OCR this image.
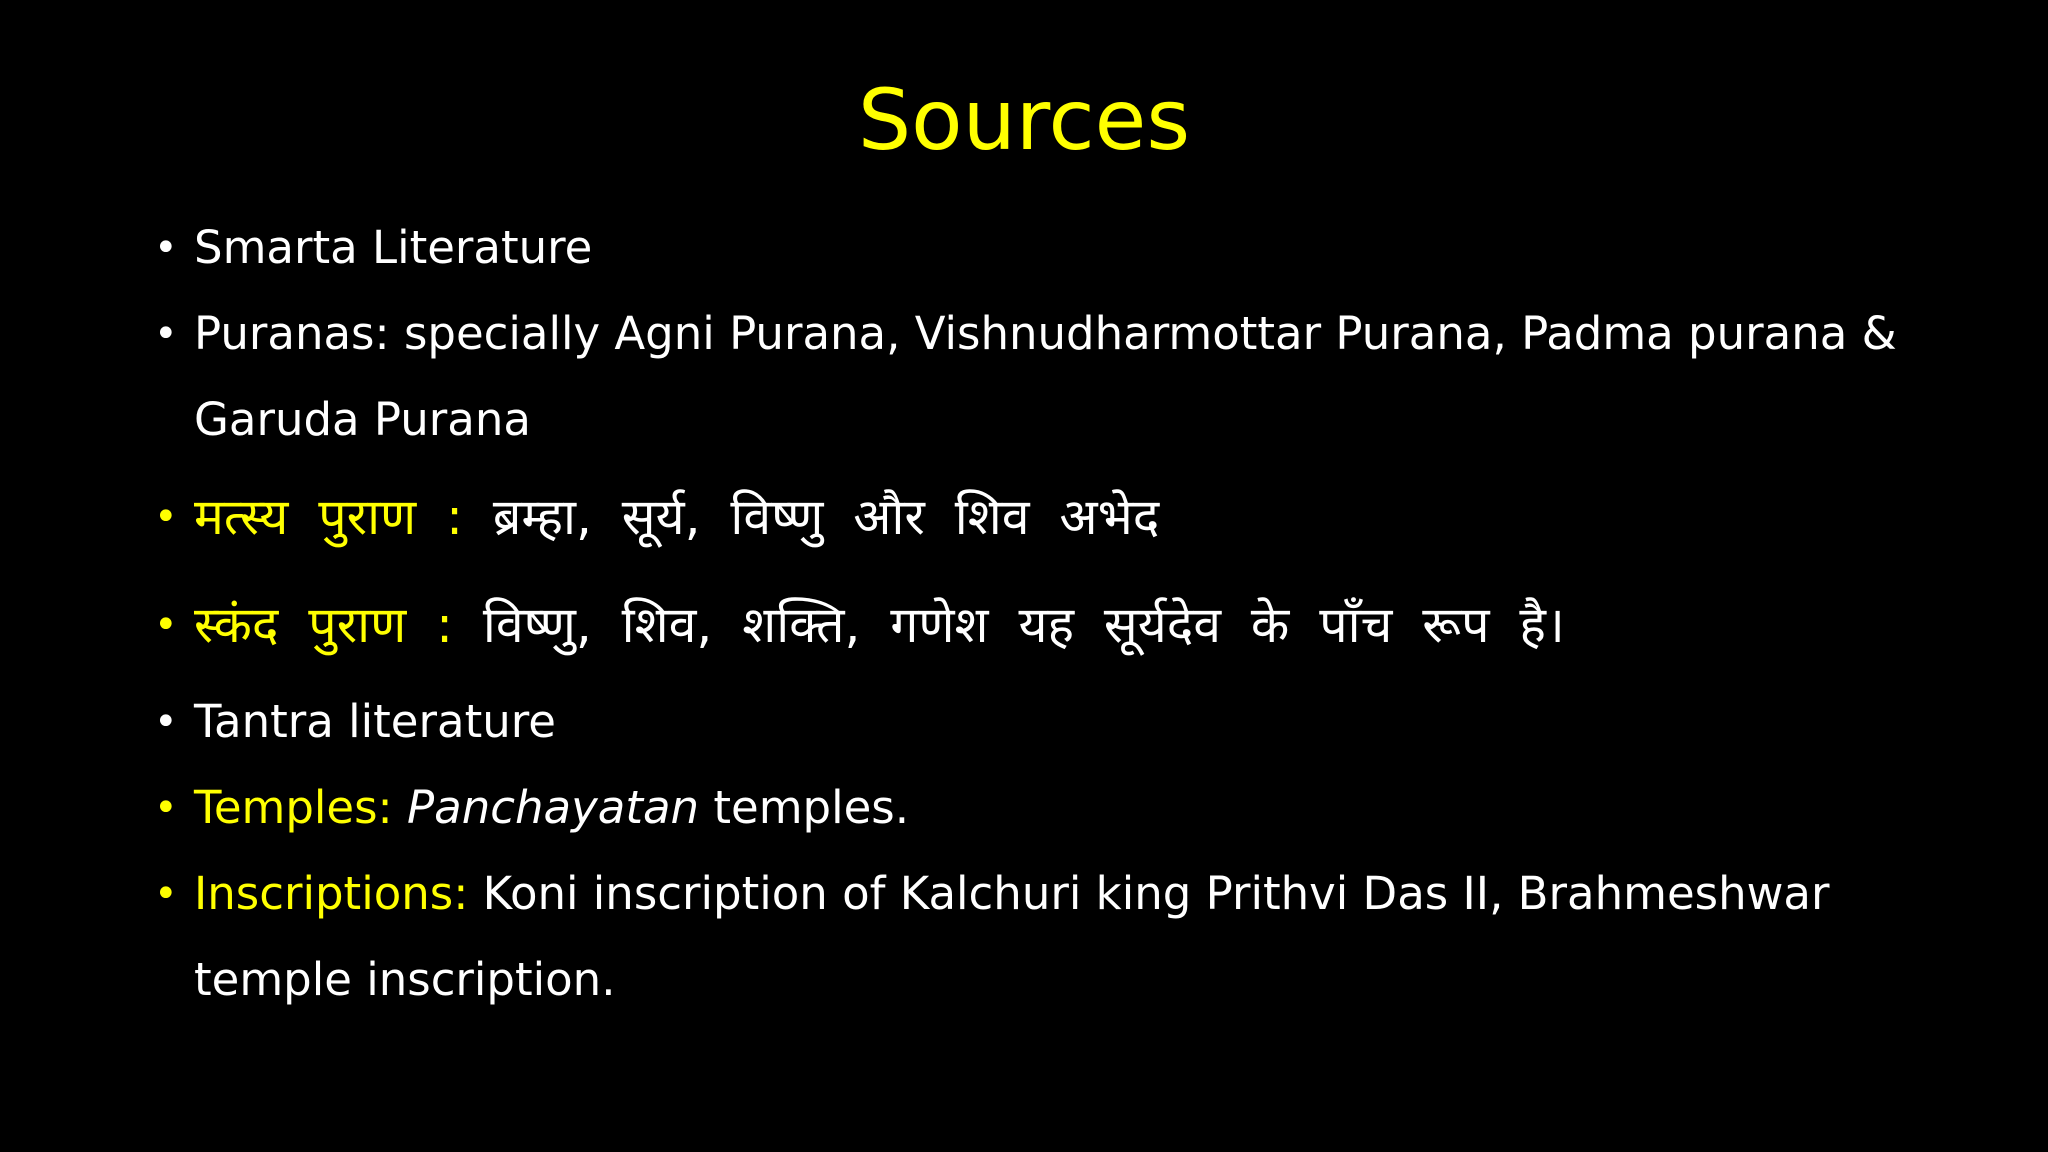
Sources
• Smarta Literature
• Puranas: specially Agni Purana, Vishnudharmottar Purana, Padma purana & Garuda Purana
• मत्स्य पुराण : ब्रम्हा, सूर्य, विष्णु और शिव अभेद
• स्कंद पुराण : विष्णु, शिव, शक्ति, गणेश यह सूर्यदेव के पाँच रूप है।
• Tantra literature
• Temples: Panchayatan temples.
• Inscriptions: Koni inscription of Kalchuri king Prithvi Das II, Brahmeshwar temple inscription.
